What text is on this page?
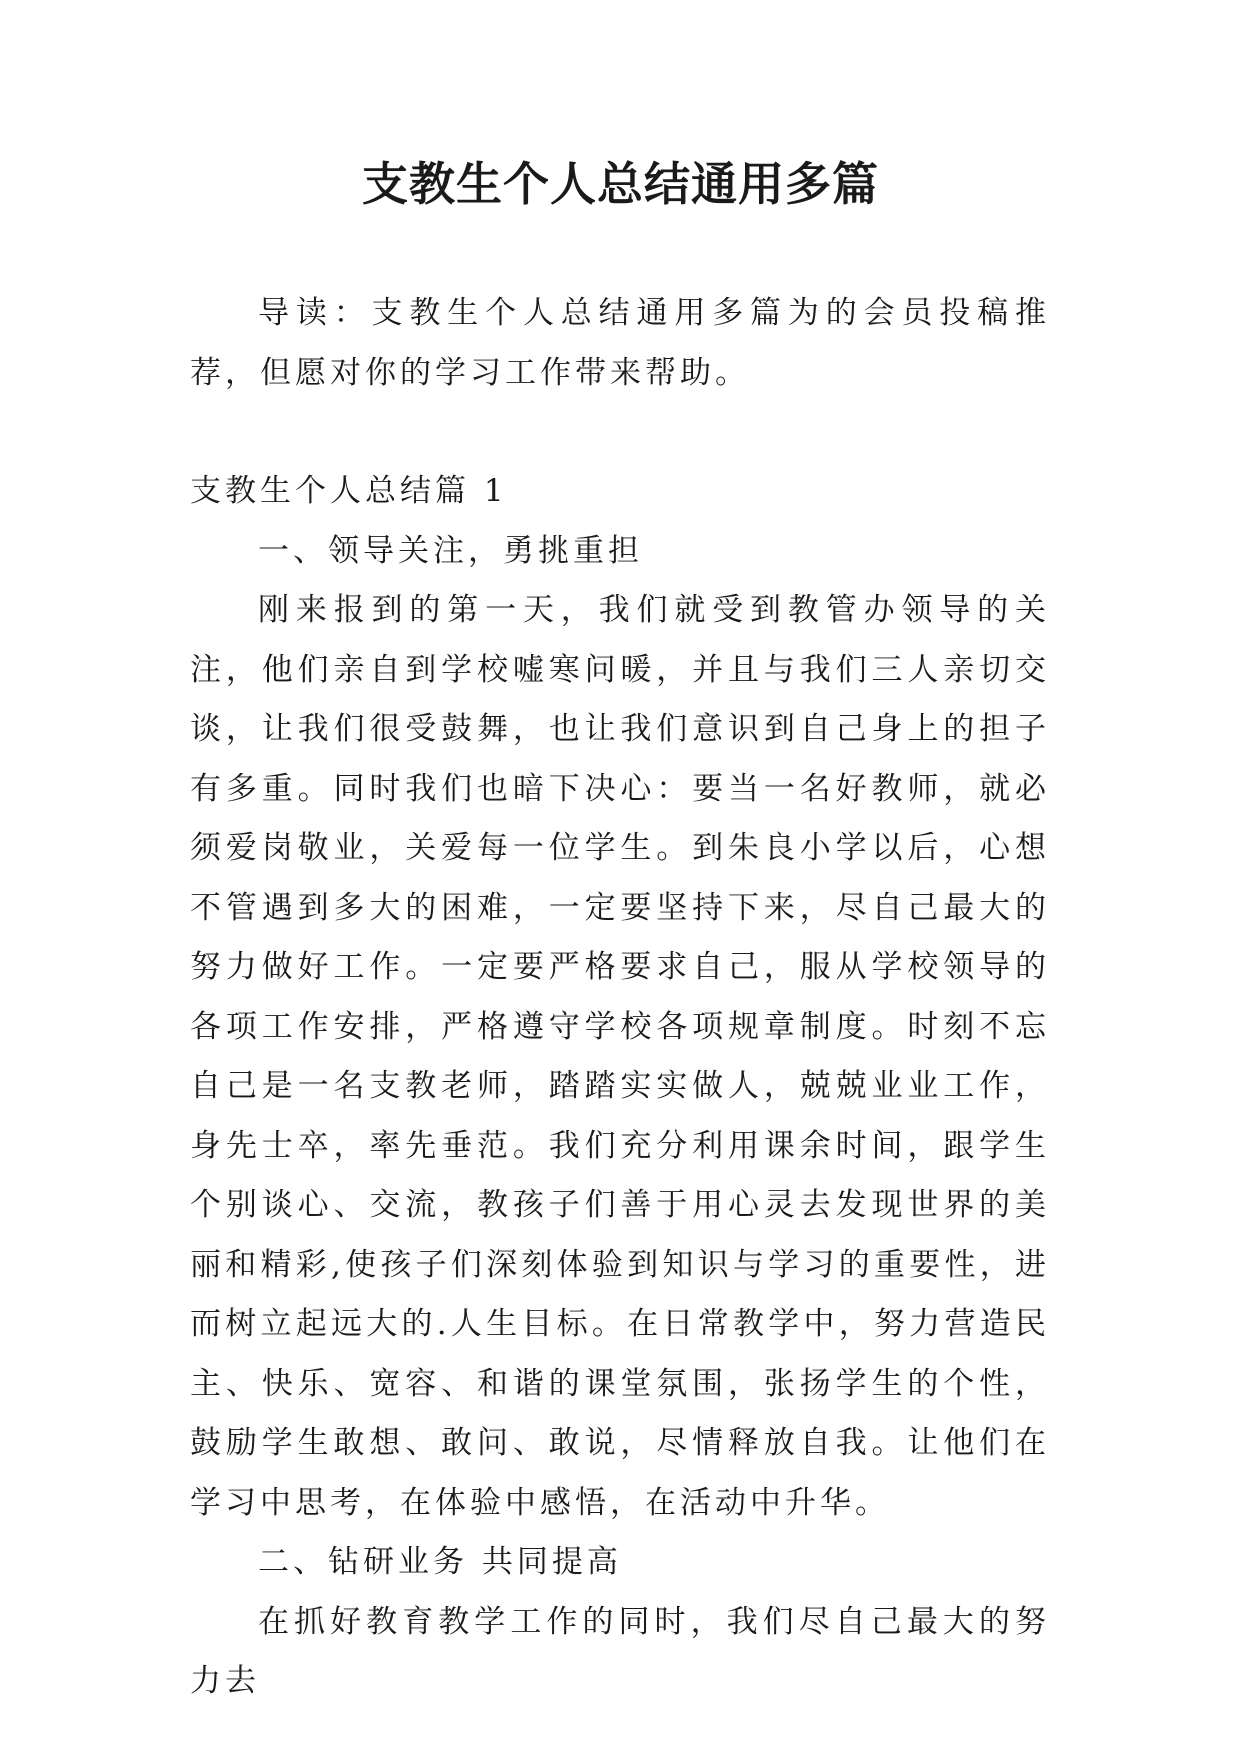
支教生个人总结通用多篇

导读：支教生个人总结通用多篇为的会员投稿推荐，但愿对你的学习工作带来帮助。

支教生个人总结篇 1

一、领导关注，勇挑重担

刚来报到的第一天，我们就受到教管办领导的关注，他们亲自到学校嘘寒问暖，并且与我们三人亲切交谈，让我们很受鼓舞，也让我们意识到自己身上的担子有多重。同时我们也暗下决心：要当一名好教师，就必须爱岗敬业，关爱每一位学生。到朱良小学以后，心想不管遇到多大的困难，一定要坚持下来，尽自己最大的努力做好工作。一定要严格要求自己，服从学校领导的各项工作安排，严格遵守学校各项规章制度。时刻不忘自己是一名支教老师，踏踏实实做人，兢兢业业工作，身先士卒，率先垂范。我们充分利用课余时间，跟学生个别谈心、交流，教孩子们善于用心灵去发现世界的美丽和精彩,使孩子们深刻体验到知识与学习的重要性，进而树立起远大的.人生目标。在日常教学中，努力营造民主、快乐、宽容、和谐的课堂氛围，张扬学生的个性，鼓励学生敢想、敢问、敢说，尽情释放自我。让他们在学习中思考，在体验中感悟，在活动中升华。

二、钻研业务 共同提高

在抓好教育教学工作的同时，我们尽自己最大的努力去
